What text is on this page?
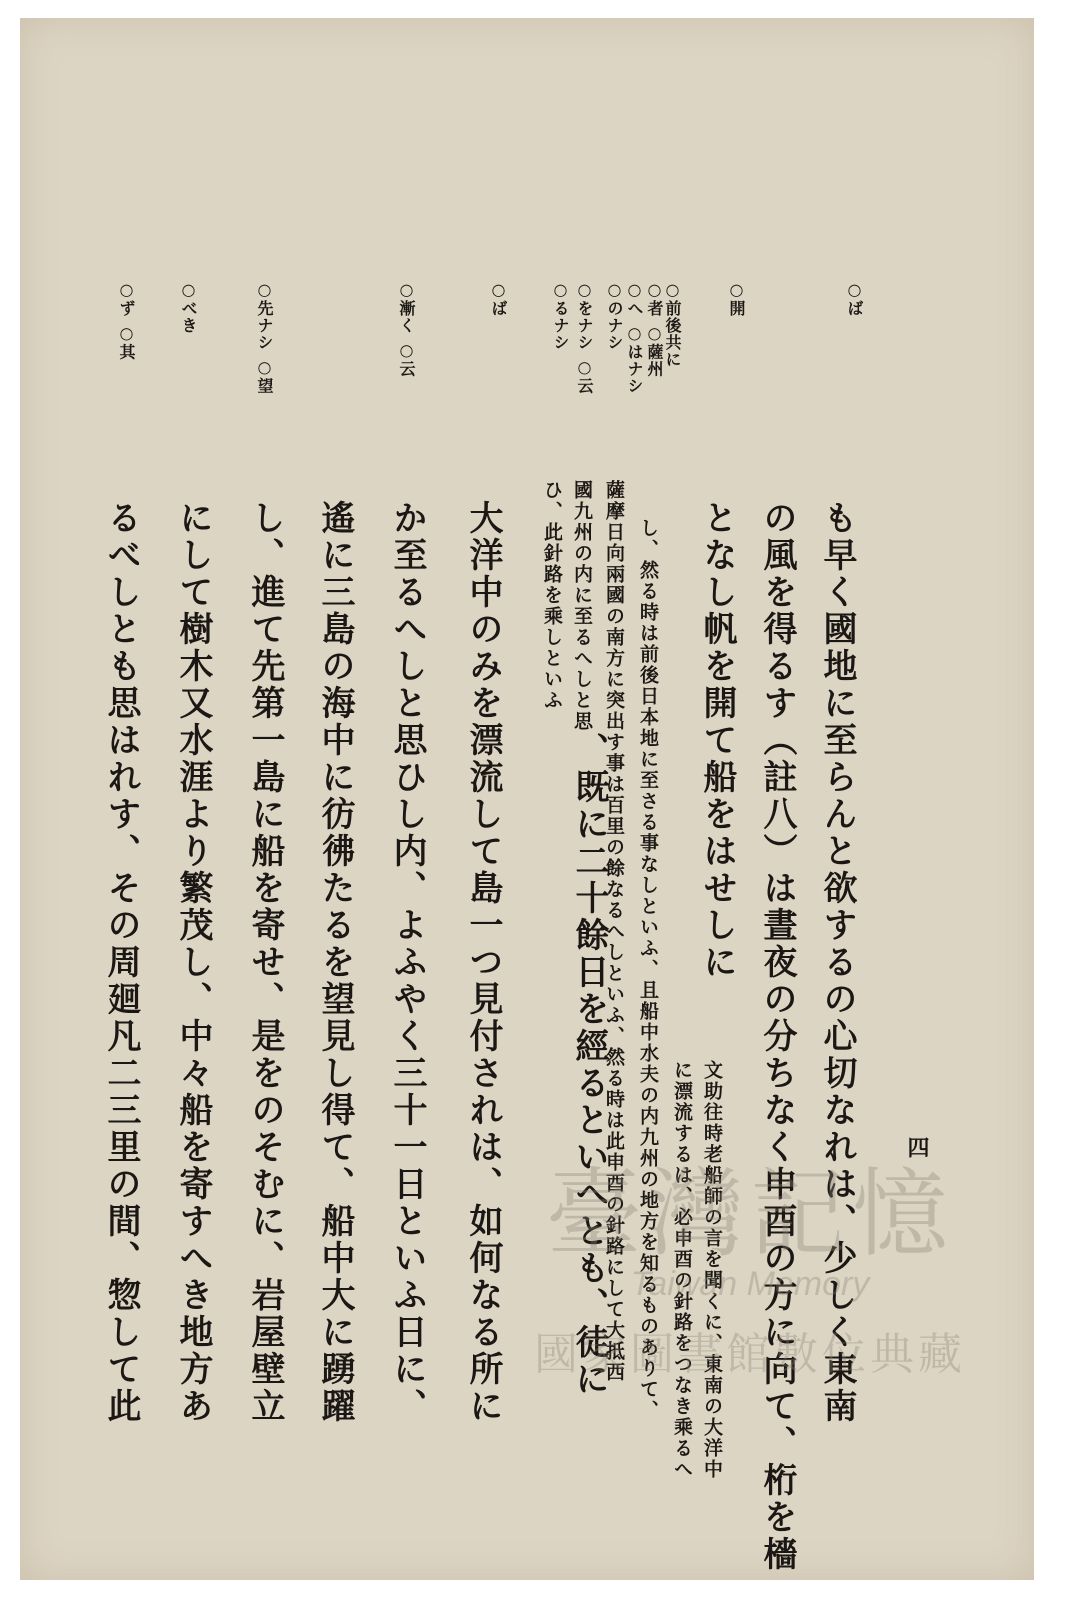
四
○ば
○開
○前後共に
○者 ○薩州
○へ ○はナシ
○のナシ
○をナシ ○云
○るナシ
○ば
○漸く ○云
○先ナシ ○望
○べき
○ず ○其
も早く國地に至らんと欲するの心切なれは、少しく東南
の風を得るす（註八）は晝夜の分ちなく申酉の方に向て、桁を檣
となし帆を開て船をはせしに
文助往時老船師の言を聞くに、東南の大洋中
に漂流するは、必申酉の針路をつなき乘るへ
し、然る時は前後日本地に至さる事なしといふ、且船中水夫の内九州の地方を知るものありて、
薩摩日向兩國の南方に突出す事は百里の餘なるへしといふ、然る時は此申酉の針路にして大抵西
國九州の内に至るへしと思
ひ、此針路を乘しといふ
、既に二十餘日を經るといへとも、徒に
大洋中のみを漂流して島一つ見付されは、如何なる所に
か至るへしと思ひし内、よふやく三十一日といふ日に、
遙に三島の海中に彷彿たるを望見し得て、船中大に踴躍
し、進て先第一島に船を寄せ、是をのそむに、岩屋壁立
にして樹木又水涯より繁茂し、中々船を寄すへき地方あ
るべしとも思はれす、その周廻凡二三里の間、惣して此	臺灣記憶
Taiwan Memory
國家圖書館數位典藏
